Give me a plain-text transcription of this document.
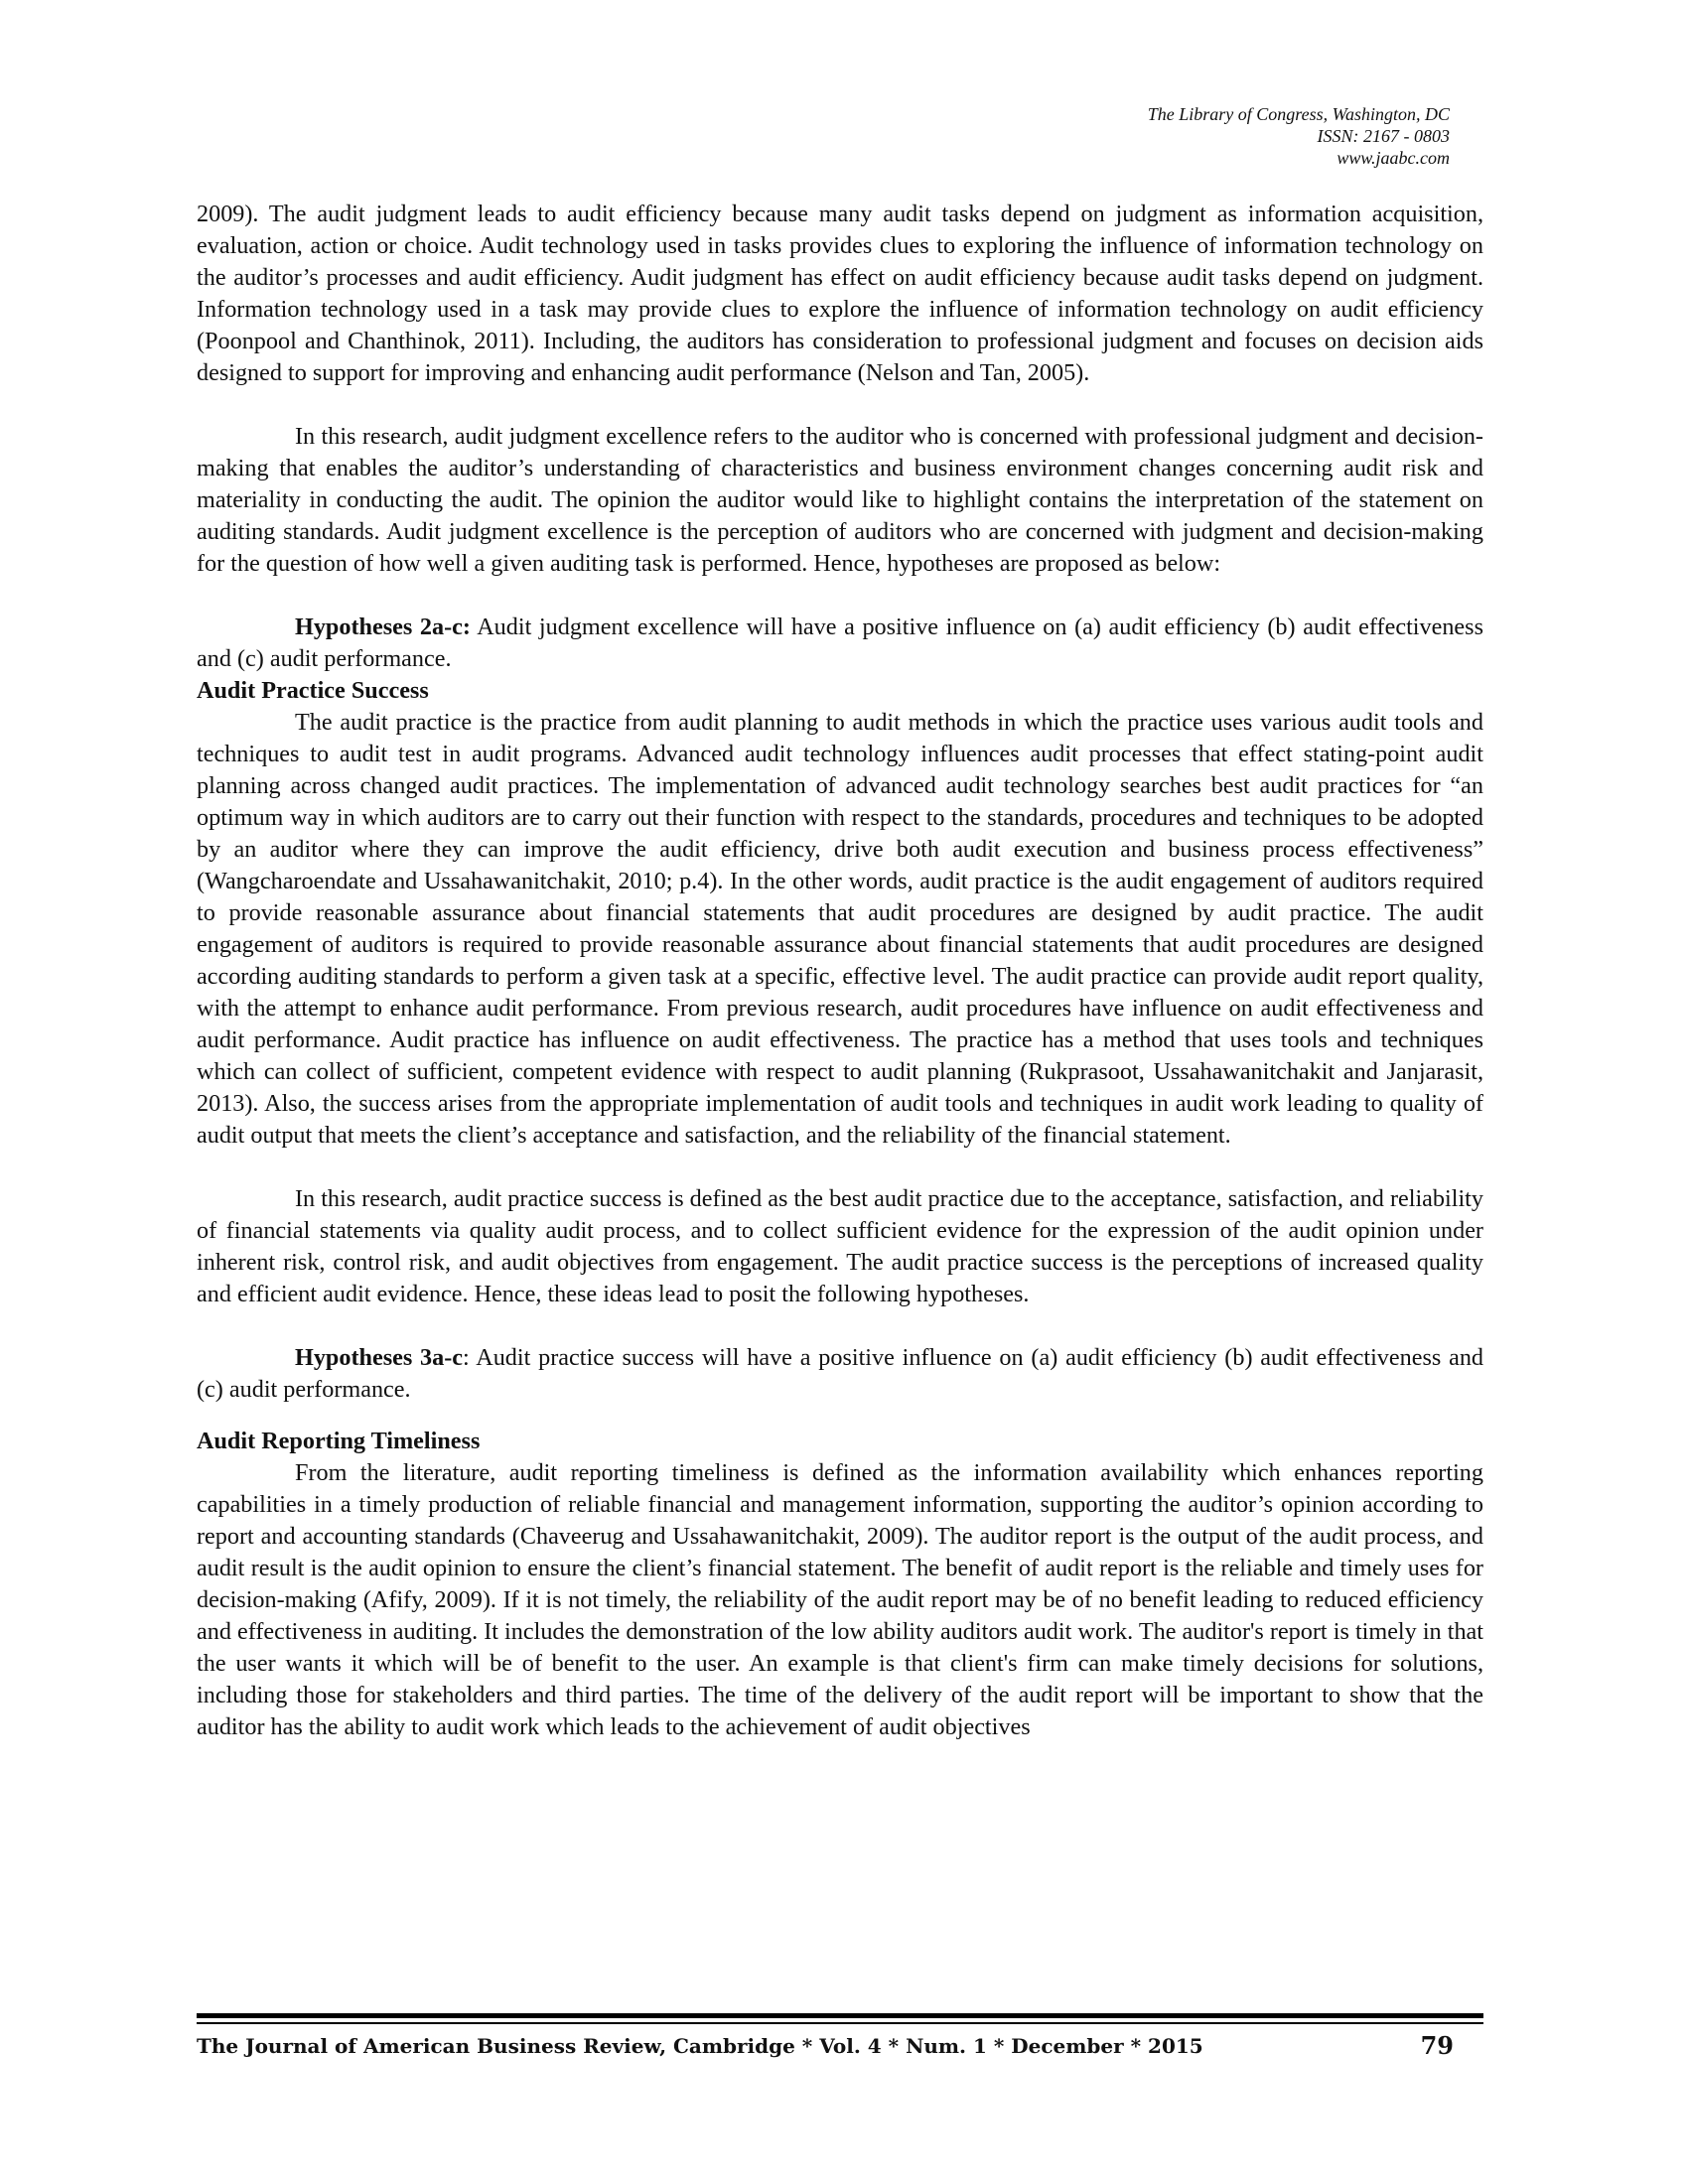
The Library of Congress, Washington, DC
ISSN: 2167 - 0803
www.jaabc.com

2009). The audit judgment leads to audit efficiency because many audit tasks depend on judgment as information acquisition, evaluation, action or choice. Audit technology used in tasks provides clues to exploring the influence of information technology on the auditor’s processes and audit efficiency. Audit judgment has effect on audit efficiency because audit tasks depend on judgment. Information technology used in a task may provide clues to explore the influence of information technology on audit efficiency (Poonpool and Chanthinok, 2011). Including, the auditors has consideration to professional judgment and focuses on decision aids designed to support for improving and enhancing audit performance (Nelson and Tan, 2005).

In this research, audit judgment excellence refers to the auditor who is concerned with professional judgment and decision-making that enables the auditor’s understanding of characteristics and business environment changes concerning audit risk and materiality in conducting the audit. The opinion the auditor would like to highlight contains the interpretation of the statement on auditing standards. Audit judgment excellence is the perception of auditors who are concerned with judgment and decision-making for the question of how well a given auditing task is performed. Hence, hypotheses are proposed as below:

Hypotheses 2a-c: Audit judgment excellence will have a positive influence on (a) audit efficiency (b) audit effectiveness and (c) audit performance.

Audit Practice Success

The audit practice is the practice from audit planning to audit methods in which the practice uses various audit tools and techniques to audit test in audit programs. Advanced audit technology influences audit processes that effect stating-point audit planning across changed audit practices. The implementation of advanced audit technology searches best audit practices for “an optimum way in which auditors are to carry out their function with respect to the standards, procedures and techniques to be adopted by an auditor where they can improve the audit efficiency, drive both audit execution and business process effectiveness” (Wangcharoendate and Ussahawanitchakit, 2010; p.4). In the other words, audit practice is the audit engagement of auditors required to provide reasonable assurance about financial statements that audit procedures are designed by audit practice. The audit engagement of auditors is required to provide reasonable assurance about financial statements that audit procedures are designed according auditing standards to perform a given task at a specific, effective level. The audit practice can provide audit report quality, with the attempt to enhance audit performance. From previous research, audit procedures have influence on audit effectiveness and audit performance. Audit practice has influence on audit effectiveness. The practice has a method that uses tools and techniques which can collect of sufficient, competent evidence with respect to audit planning (Rukprasoot, Ussahawanitchakit and Janjarasit, 2013). Also, the success arises from the appropriate implementation of audit tools and techniques in audit work leading to quality of audit output that meets the client’s acceptance and satisfaction, and the reliability of the financial statement.

In this research, audit practice success is defined as the best audit practice due to the acceptance, satisfaction, and reliability of financial statements via quality audit process, and to collect sufficient evidence for the expression of the audit opinion under inherent risk, control risk, and audit objectives from engagement. The audit practice success is the perceptions of increased quality and efficient audit evidence. Hence, these ideas lead to posit the following hypotheses.

Hypotheses 3a-c: Audit practice success will have a positive influence on (a) audit efficiency (b) audit effectiveness and (c) audit performance.

Audit Reporting Timeliness

From the literature, audit reporting timeliness is defined as the information availability which enhances reporting capabilities in a timely production of reliable financial and management information, supporting the auditor’s opinion according to report and accounting standards (Chaveerug and Ussahawanitchakit, 2009). The auditor report is the output of the audit process, and audit result is the audit opinion to ensure the client’s financial statement. The benefit of audit report is the reliable and timely uses for decision-making (Afify, 2009). If it is not timely, the reliability of the audit report may be of no benefit leading to reduced efficiency and effectiveness in auditing. It includes the demonstration of the low ability auditors audit work. The auditor's report is timely in that the user wants it which will be of benefit to the user. An example is that client's firm can make timely decisions for solutions, including those for stakeholders and third parties. The time of the delivery of the audit report will be important to show that the auditor has the ability to audit work which leads to the achievement of audit objectives

The Journal of American Business Review, Cambridge * Vol. 4 * Num. 1 * December * 2015	79
